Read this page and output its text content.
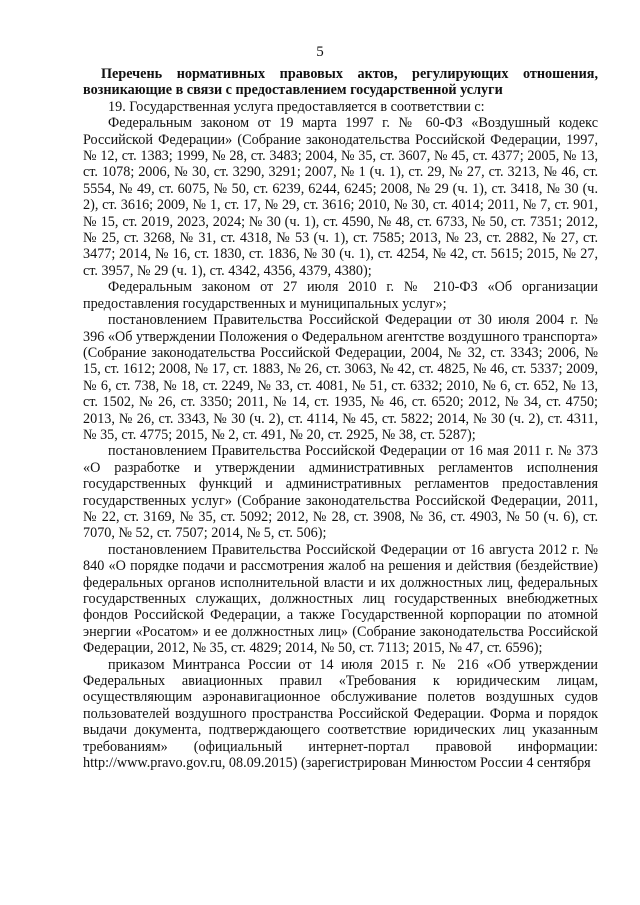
5

Перечень нормативных правовых актов, регулирующих отношения, возникающие в связи с предоставлением государственной услуги

19. Государственная услуга предоставляется в соответствии с:

Федеральным законом от 19 марта 1997 г. № 60-ФЗ «Воздушный кодекс Российской Федерации» (Собрание законодательства Российской Федерации, 1997, № 12, ст. 1383; 1999, № 28, ст. 3483; 2004, № 35, ст. 3607, № 45, ст. 4377; 2005, № 13, ст. 1078; 2006, № 30, ст. 3290, 3291; 2007, № 1 (ч. 1), ст. 29, № 27, ст. 3213, № 46, ст. 5554, № 49, ст. 6075, № 50, ст. 6239, 6244, 6245; 2008, № 29 (ч. 1), ст. 3418, № 30 (ч. 2), ст. 3616; 2009, № 1, ст. 17, № 29, ст. 3616; 2010, № 30, ст. 4014; 2011, № 7, ст. 901, № 15, ст. 2019, 2023, 2024; № 30 (ч. 1), ст. 4590, № 48, ст. 6733, № 50, ст. 7351; 2012, № 25, ст. 3268, № 31, ст. 4318, № 53 (ч. 1), ст. 7585; 2013, № 23, ст. 2882, № 27, ст. 3477; 2014, № 16, ст. 1830, ст. 1836, № 30 (ч. 1), ст. 4254, № 42, ст. 5615; 2015, № 27, ст. 3957, № 29 (ч. 1), ст. 4342, 4356, 4379, 4380);

Федеральным законом от 27 июля 2010 г. № 210-ФЗ «Об организации предоставления государственных и муниципальных услуг»;

постановлением Правительства Российской Федерации от 30 июля 2004 г. № 396 «Об утверждении Положения о Федеральном агентстве воздушного транспорта» (Собрание законодательства Российской Федерации, 2004, № 32, ст. 3343; 2006, № 15, ст. 1612; 2008, № 17, ст. 1883, № 26, ст. 3063, № 42, ст. 4825, № 46, ст. 5337; 2009, № 6, ст. 738, № 18, ст. 2249, № 33, ст. 4081, № 51, ст. 6332; 2010, № 6, ст. 652, № 13, ст. 1502, № 26, ст. 3350; 2011, № 14, ст. 1935, № 46, ст. 6520; 2012, № 34, ст. 4750; 2013, № 26, ст. 3343, № 30 (ч. 2), ст. 4114, № 45, ст. 5822; 2014, № 30 (ч. 2), ст. 4311, № 35, ст. 4775; 2015, № 2, ст. 491, № 20, ст. 2925, № 38, ст. 5287);

постановлением Правительства Российской Федерации от 16 мая 2011 г. № 373 «О разработке и утверждении административных регламентов исполнения государственных функций и административных регламентов предоставления государственных услуг» (Собрание законодательства Российской Федерации, 2011, № 22, ст. 3169, № 35, ст. 5092; 2012, № 28, ст. 3908, № 36, ст. 4903, № 50 (ч. 6), ст. 7070, № 52, ст. 7507; 2014, № 5, ст. 506);

постановлением Правительства Российской Федерации от 16 августа 2012 г. № 840 «О порядке подачи и рассмотрения жалоб на решения и действия (бездействие) федеральных органов исполнительной власти и их должностных лиц, федеральных государственных служащих, должностных лиц государственных внебюджетных фондов Российской Федерации, а также Государственной корпорации по атомной энергии «Росатом» и ее должностных лиц» (Собрание законодательства Российской Федерации, 2012, № 35, ст. 4829; 2014, № 50, ст. 7113; 2015, № 47, ст. 6596);

приказом Минтранса России от 14 июля 2015 г. № 216 «Об утверждении Федеральных авиационных правил «Требования к юридическим лицам, осуществляющим аэронавигационное обслуживание полетов воздушных судов пользователей воздушного пространства Российской Федерации. Форма и порядок выдачи документа, подтверждающего соответствие юридических лиц указанным требованиям» (официальный интернет-портал правовой информации: http://www.pravo.gov.ru, 08.09.2015) (зарегистрирован Минюстом России 4 сентября
